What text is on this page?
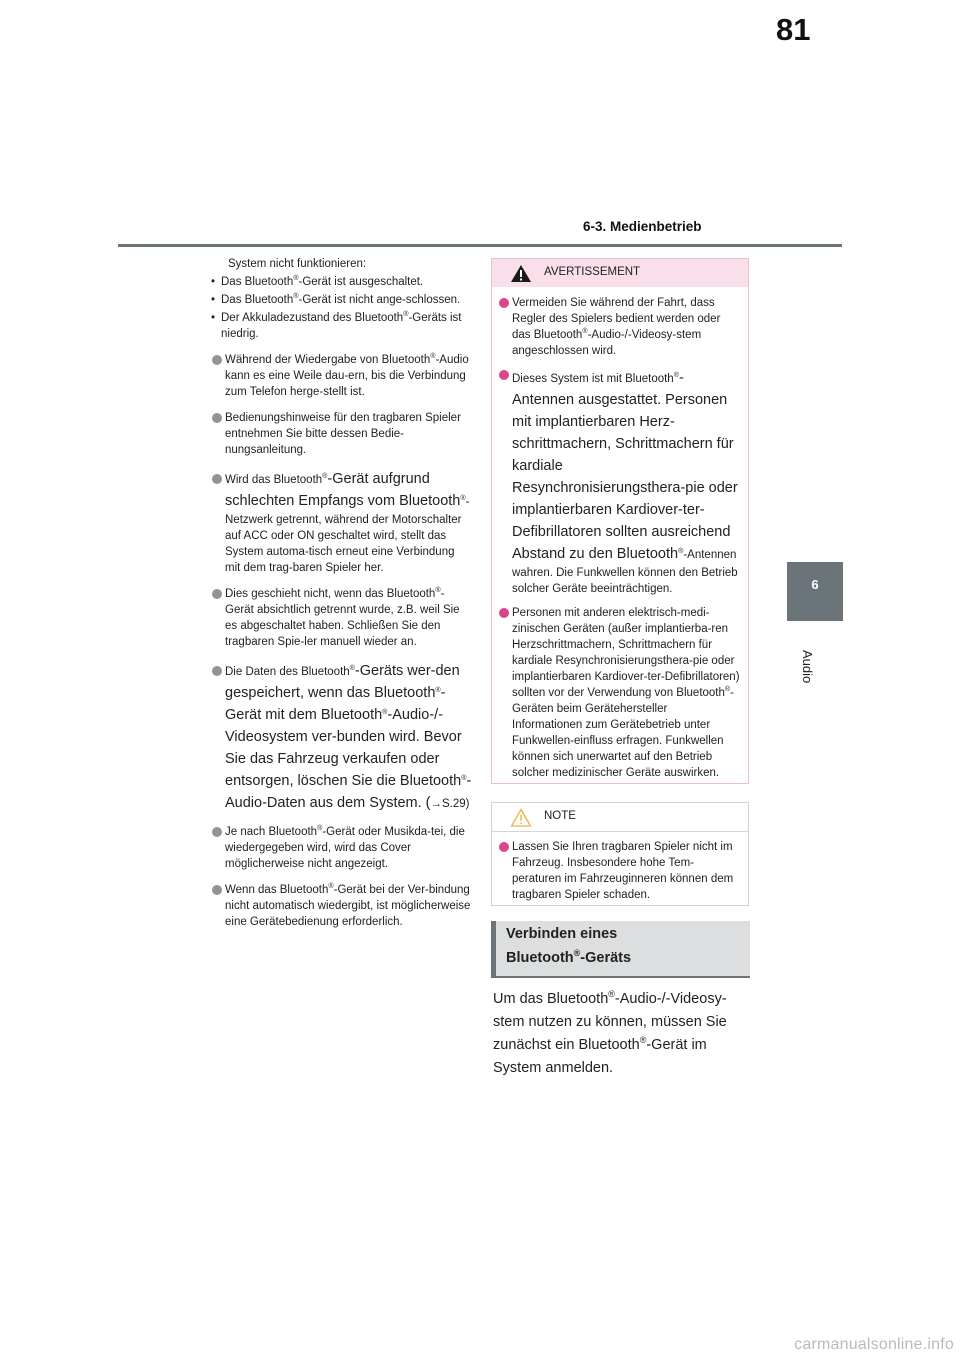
81
6-3. Medienbetrieb
6
Audio
System nicht funktionieren:
• Das Bluetooth®-Gerät ist ausgeschaltet.
• Das Bluetooth®-Gerät ist nicht ange-schlossen.
• Der Akkuladezustand des Bluetooth®-Geräts ist niedrig.
Während der Wiedergabe von Bluetooth®-Audio kann es eine Weile dau-ern, bis die Verbindung zum Telefon herge-stellt ist.
Bedienungshinweise für den tragbaren Spieler entnehmen Sie bitte dessen Bedie-nungsanleitung.
Wird das Bluetooth®-Gerät aufgrund schlechten Empfangs vom Bluetooth®-Netzwerk getrennt, während der Motorschalter auf ACC oder ON geschaltet wird, stellt das System automa-tisch erneut eine Verbindung mit dem trag-baren Spieler her.
Dies geschieht nicht, wenn das Bluetooth®-Gerät absichtlich getrennt wurde, z.B. weil Sie es abgeschaltet haben. Schließen Sie den tragbaren Spie-ler manuell wieder an.
Die Daten des Bluetooth®-Geräts wer-den gespeichert, wenn das Bluetooth®-Gerät mit dem Bluetooth®-Audio-/-Videosystem ver-bunden wird. Bevor Sie das Fahrzeug verkaufen oder entsorgen, löschen Sie die Bluetooth®-Audio-Daten aus dem System. (→S.29)
Je nach Bluetooth®-Gerät oder Musikda-tei, die wiedergegeben wird, wird das Cover möglicherweise nicht angezeigt.
Wenn das Bluetooth®-Gerät bei der Ver-bindung nicht automatisch wiedergibt, ist möglicherweise eine Gerätebedienung erforderlich.
AVERTISSEMENT
Vermeiden Sie während der Fahrt, dass Regler des Spielers bedient werden oder das Bluetooth®-Audio-/-Videosy-stem angeschlossen wird.
Dieses System ist mit Bluetooth®-Antennen ausgestattet. Personen mit implantierbaren Herz-schrittmachern, Schrittmachern für kardiale Resynchronisierungsthera-pie oder implantierbaren Kardiover-ter-Defibrillatoren sollten ausreichend Abstand zu den Bluetooth®-Antennen wahren. Die Funkwellen können den Betrieb solcher Geräte beeinträchtigen.
Personen mit anderen elektrisch-medi-zinischen Geräten (außer implantierba-ren Herzschrittmachern, Schrittmachern für kardiale Resynchronisierungsthera-pie oder implantierbaren Kardiover-ter-Defibrillatoren) sollten vor der Verwendung von Bluetooth®-Geräten beim Gerätehersteller Informationen zum Gerätebetrieb unter Funkwellen-einfluss erfragen. Funkwellen können sich unerwartet auf den Betrieb solcher medizinischer Geräte auswirken.
NOTE
Lassen Sie Ihren tragbaren Spieler nicht im Fahrzeug. Insbesondere hohe Tem-peraturen im Fahrzeuginneren können dem tragbaren Spieler schaden.
Verbinden eines
Bluetooth®-Geräts
Um das Bluetooth®-Audio-/-Videosy-stem nutzen zu können, müssen Sie zunächst ein Bluetooth®-Gerät im System anmelden.
carmanualsonline.info
